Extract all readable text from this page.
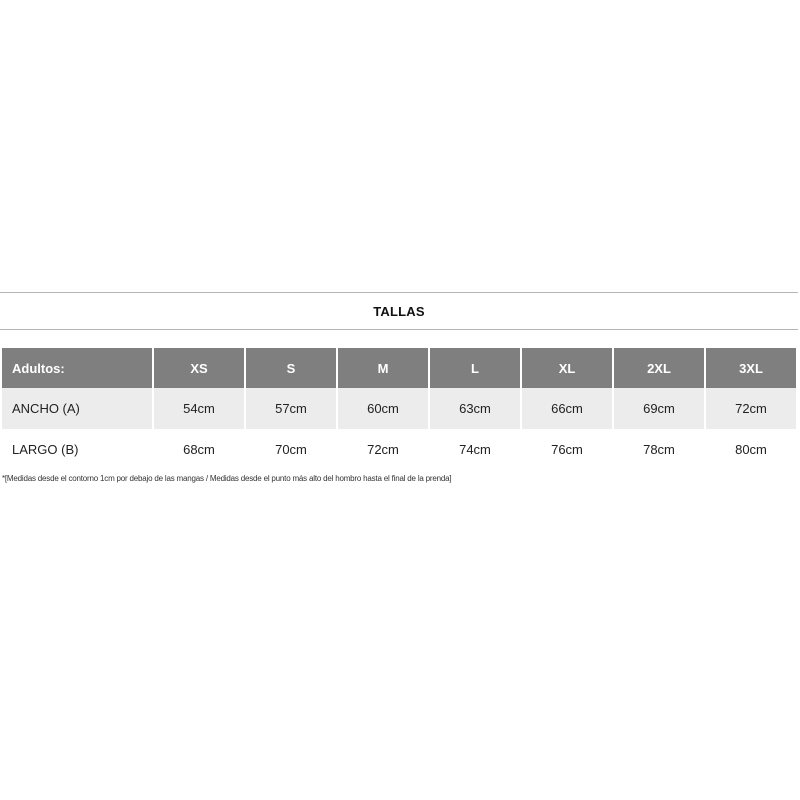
TALLAS
Adultos:	XS	S	M	L	XL	2XL	3XL
ANCHO (A)	54cm	57cm	60cm	63cm	66cm	69cm	72cm
LARGO (B)	68cm	70cm	72cm	74cm	76cm	78cm	80cm
*[Medidas desde el contorno 1cm por debajo de las mangas / Medidas desde el punto más alto del hombro hasta el final de la prenda]
